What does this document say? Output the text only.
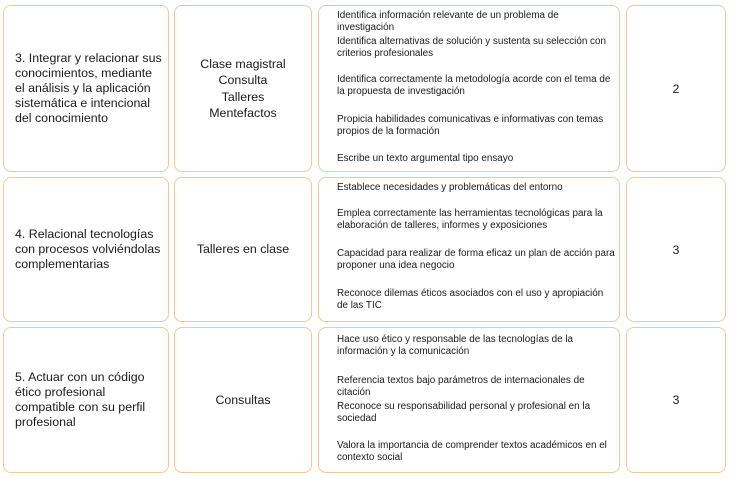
3. Integrar y relacionar sus conocimientos, mediante el análisis y la aplicación sistemática e intencional del conocimiento
Clase magistral
Consulta
Talleres
Mentefactos
Identifica información relevante de un problema de investigación
Identifica alternativas de solución y sustenta su selección con criterios profesionales
Identifica correctamente la metodología acorde con el tema de la propuesta de investigación
Propicia habilidades comunicativas e informativas con temas propios de la formación
Escribe un texto argumental tipo ensayo
2
4. Relacional tecnologías con procesos volviéndolas complementarias
Talleres en clase
Establece necesidades y problemáticas del entorno
Emplea correctamente las herramientas tecnológicas para la elaboración de talleres, informes y exposiciones
Capacidad para realizar de forma eficaz un plan de acción para proponer una idea negocio
Reconoce dilemas éticos asociados con el uso y apropiación de las TIC
3
5. Actuar con un código ético profesional compatible con su perfil profesional
Consultas
Hace uso ético y responsable de las tecnologías de la información y la comunicación
Referencia textos bajo parámetros de internacionales de citación
Reconoce su responsabilidad personal y profesional en la sociedad
Valora la importancia de comprender textos académicos en el contexto social
3
